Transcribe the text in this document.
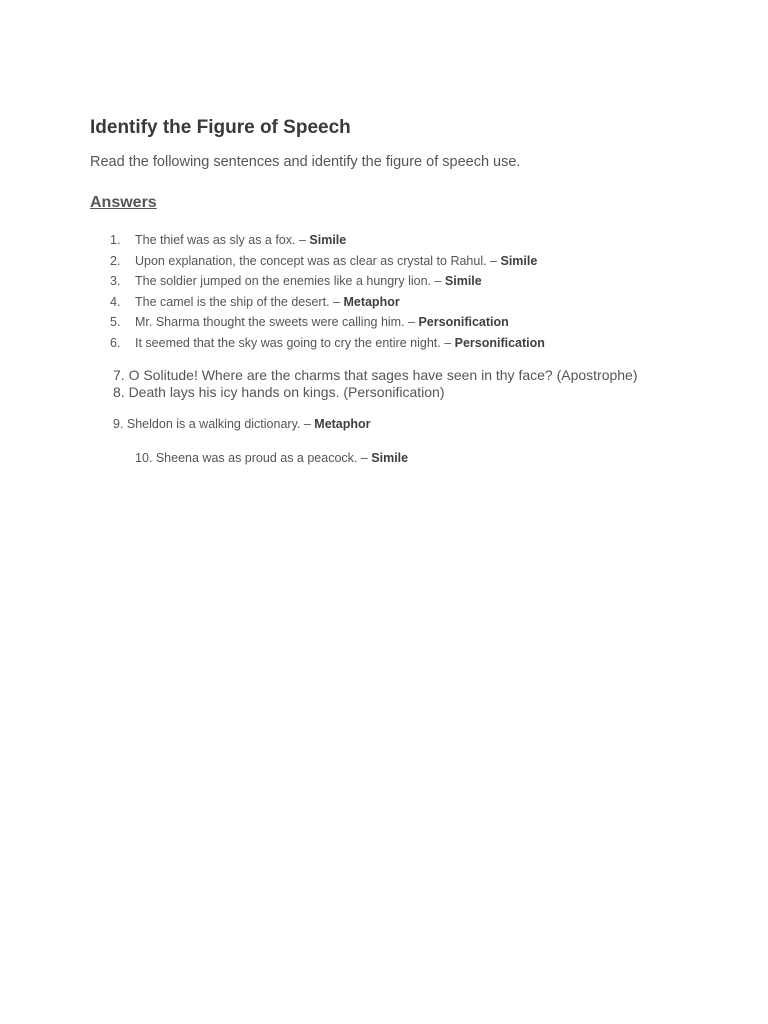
Identify the Figure of Speech

Read the following sentences and identify the figure of speech use.

Answers
1. The thief was as sly as a fox. – Simile
2. Upon explanation, the concept was as clear as crystal to Rahul. – Simile
3. The soldier jumped on the enemies like a hungry lion. – Simile
4. The camel is the ship of the desert. – Metaphor
5. Mr. Sharma thought the sweets were calling him. – Personification
6. It seemed that the sky was going to cry the entire night. – Personification
7. O Solitude! Where are the charms that sages have seen in thy face? (Apostrophe)
8. Death lays his icy hands on kings. (Personification)
9. Sheldon is a walking dictionary. – Metaphor
10. Sheena was as proud as a peacock. – Simile
